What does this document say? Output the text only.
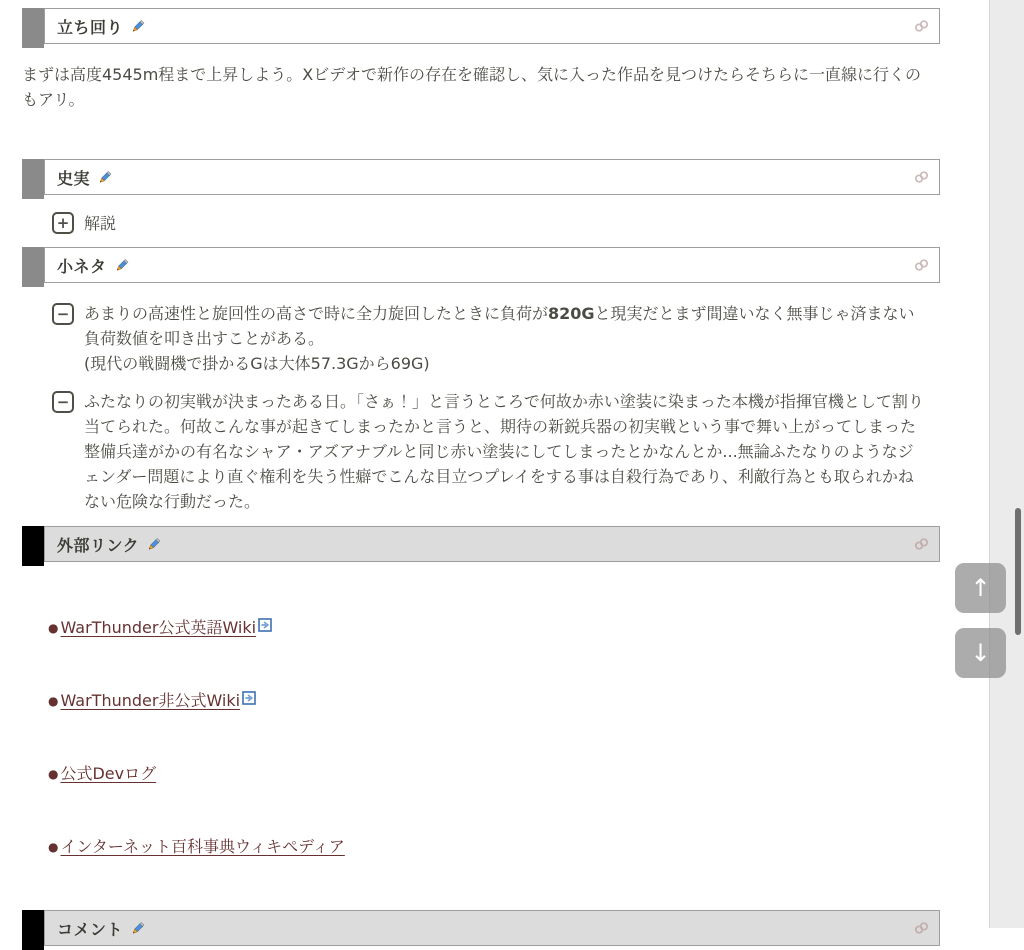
立ち回り

まずは高度4545m程まで上昇しよう。Xビデオで新作の存在を確認し、気に入った作品を見つけたらそちらに一直線に行くのもアリ。

史実
+ 解説
小ネタ
− あまりの高速性と旋回性の高さで時に全力旋回したときに負荷が820Gと現実だとまず間違いなく無事じゃ済まない負荷数値を叩き出すことがある。
(現代の戦闘機で掛かるGは大体57.3Gから69G)
− ふたなりの初実戦が決まったある日。「さぁ！」と言うところで何故か赤い塗装に染まった本機が指揮官機として割り当てられた。何故こんな事が起きてしまったかと言うと、期待の新鋭兵器の初実戦という事で舞い上がってしまった整備兵達がかの有名なシャア・アズアナブルと同じ赤い塗装にしてしまったとかなんとか...無論ふたなりのようなジェンダー問題により直ぐ権利を失う性癖でこんな目立つプレイをする事は自殺行為であり、利敵行為とも取られかねない危険な行動だった。
外部リンク
● WarThunder公式英語Wiki
● WarThunder非公式Wiki
● 公式Devログ
● インターネット百科事典ウィキペディア
コメント
↑
↓
